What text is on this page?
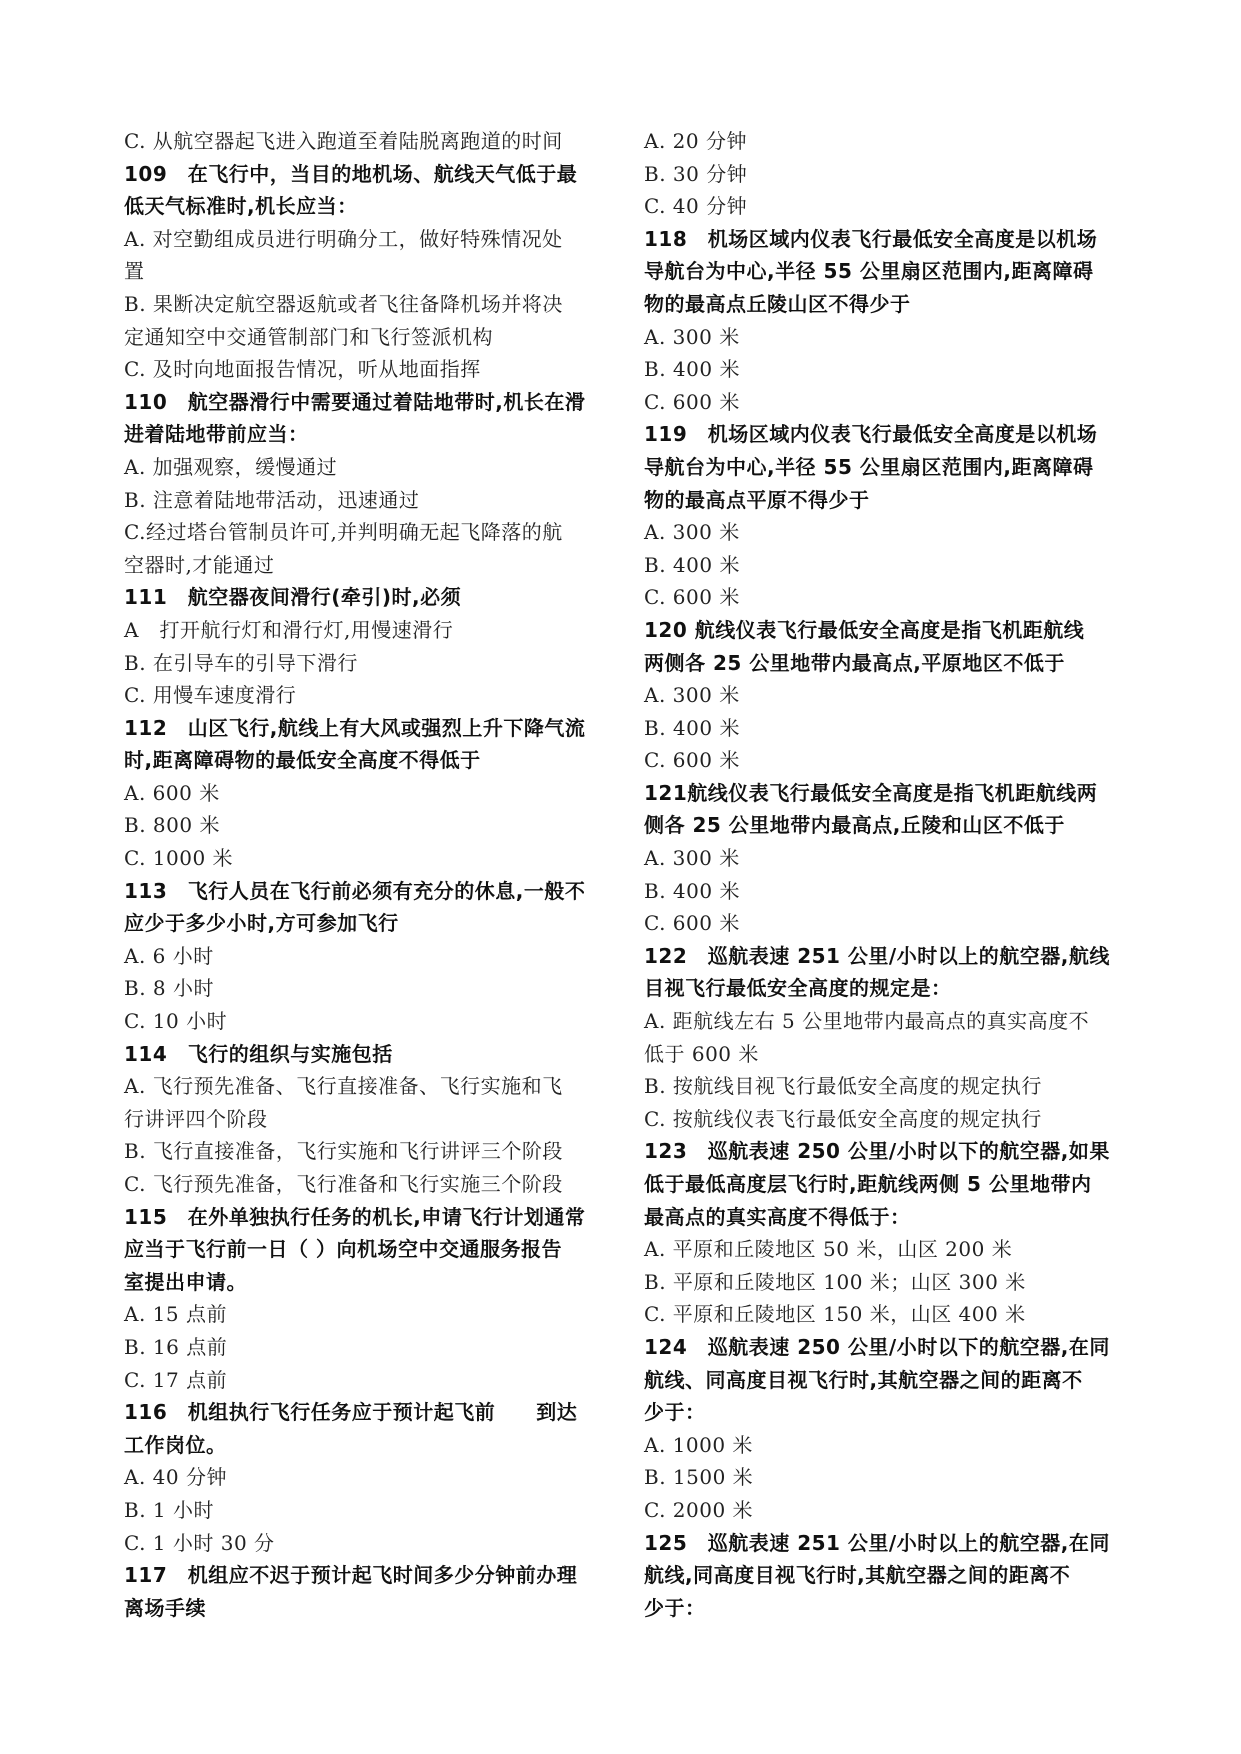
C. 从航空器起飞进入跑道至着陆脱离跑道的时间
109　在飞行中，当目的地机场、航线天气低于最
低天气标准时,机长应当：
A. 对空勤组成员进行明确分工，做好特殊情况处
置
B. 果断决定航空器返航或者飞往备降机场并将决
定通知空中交通管制部门和飞行签派机构
C. 及时向地面报告情况，听从地面指挥
110　航空器滑行中需要通过着陆地带时,机长在滑
进着陆地带前应当：
A. 加强观察，缓慢通过
B. 注意着陆地带活动，迅速通过
C.经过塔台管制员许可,并判明确无起飞降落的航
空器时,才能通过
111　航空器夜间滑行(牵引)时,必须
A　打开航行灯和滑行灯,用慢速滑行
B. 在引导车的引导下滑行
C. 用慢车速度滑行
112　山区飞行,航线上有大风或强烈上升下降气流
时,距离障碍物的最低安全高度不得低于
A. 600 米
B. 800 米
C. 1000 米
113　飞行人员在飞行前必须有充分的休息,一般不
应少于多少小时,方可参加飞行
A. 6 小时
B. 8 小时
C. 10 小时
114　飞行的组织与实施包括
A. 飞行预先准备、飞行直接准备、飞行实施和飞
行讲评四个阶段
B. 飞行直接准备，飞行实施和飞行讲评三个阶段
C. 飞行预先准备，飞行准备和飞行实施三个阶段
115　在外单独执行任务的机长,申请飞行计划通常
应当于飞行前一日（ ）向机场空中交通服务报告
室提出申请。
A. 15 点前
B. 16 点前
C. 17 点前
116　机组执行飞行任务应于预计起飞前　　到达
工作岗位。
A. 40 分钟
B. 1 小时
C. 1 小时 30 分
117　机组应不迟于预计起飞时间多少分钟前办理
离场手续
A. 20 分钟
B. 30 分钟
C. 40 分钟
118　机场区域内仪表飞行最低安全高度是以机场
导航台为中心,半径 55 公里扇区范围内,距离障碍
物的最高点丘陵山区不得少于
A. 300 米
B. 400 米
C. 600 米
119　机场区域内仪表飞行最低安全高度是以机场
导航台为中心,半径 55 公里扇区范围内,距离障碍
物的最高点平原不得少于
A. 300 米
B. 400 米
C. 600 米
120 航线仪表飞行最低安全高度是指飞机距航线
两侧各 25 公里地带内最高点,平原地区不低于
A. 300 米
B. 400 米
C. 600 米
121航线仪表飞行最低安全高度是指飞机距航线两
侧各 25 公里地带内最高点,丘陵和山区不低于
A. 300 米
B. 400 米
C. 600 米
122　巡航表速 251 公里/小时以上的航空器,航线
目视飞行最低安全高度的规定是：
A. 距航线左右 5 公里地带内最高点的真实高度不
低于 600 米
B. 按航线目视飞行最低安全高度的规定执行
C. 按航线仪表飞行最低安全高度的规定执行
123　巡航表速 250 公里/小时以下的航空器,如果
低于最低高度层飞行时,距航线两侧 5 公里地带内
最高点的真实高度不得低于：
A. 平原和丘陵地区 50 米，山区 200 米
B. 平原和丘陵地区 100 米；山区 300 米
C. 平原和丘陵地区 150 米，山区 400 米
124　巡航表速 250 公里/小时以下的航空器,在同
航线、同高度目视飞行时,其航空器之间的距离不
少于：
A. 1000 米
B. 1500 米
C. 2000 米
125　巡航表速 251 公里/小时以上的航空器,在同
航线,同高度目视飞行时,其航空器之间的距离不
少于：
